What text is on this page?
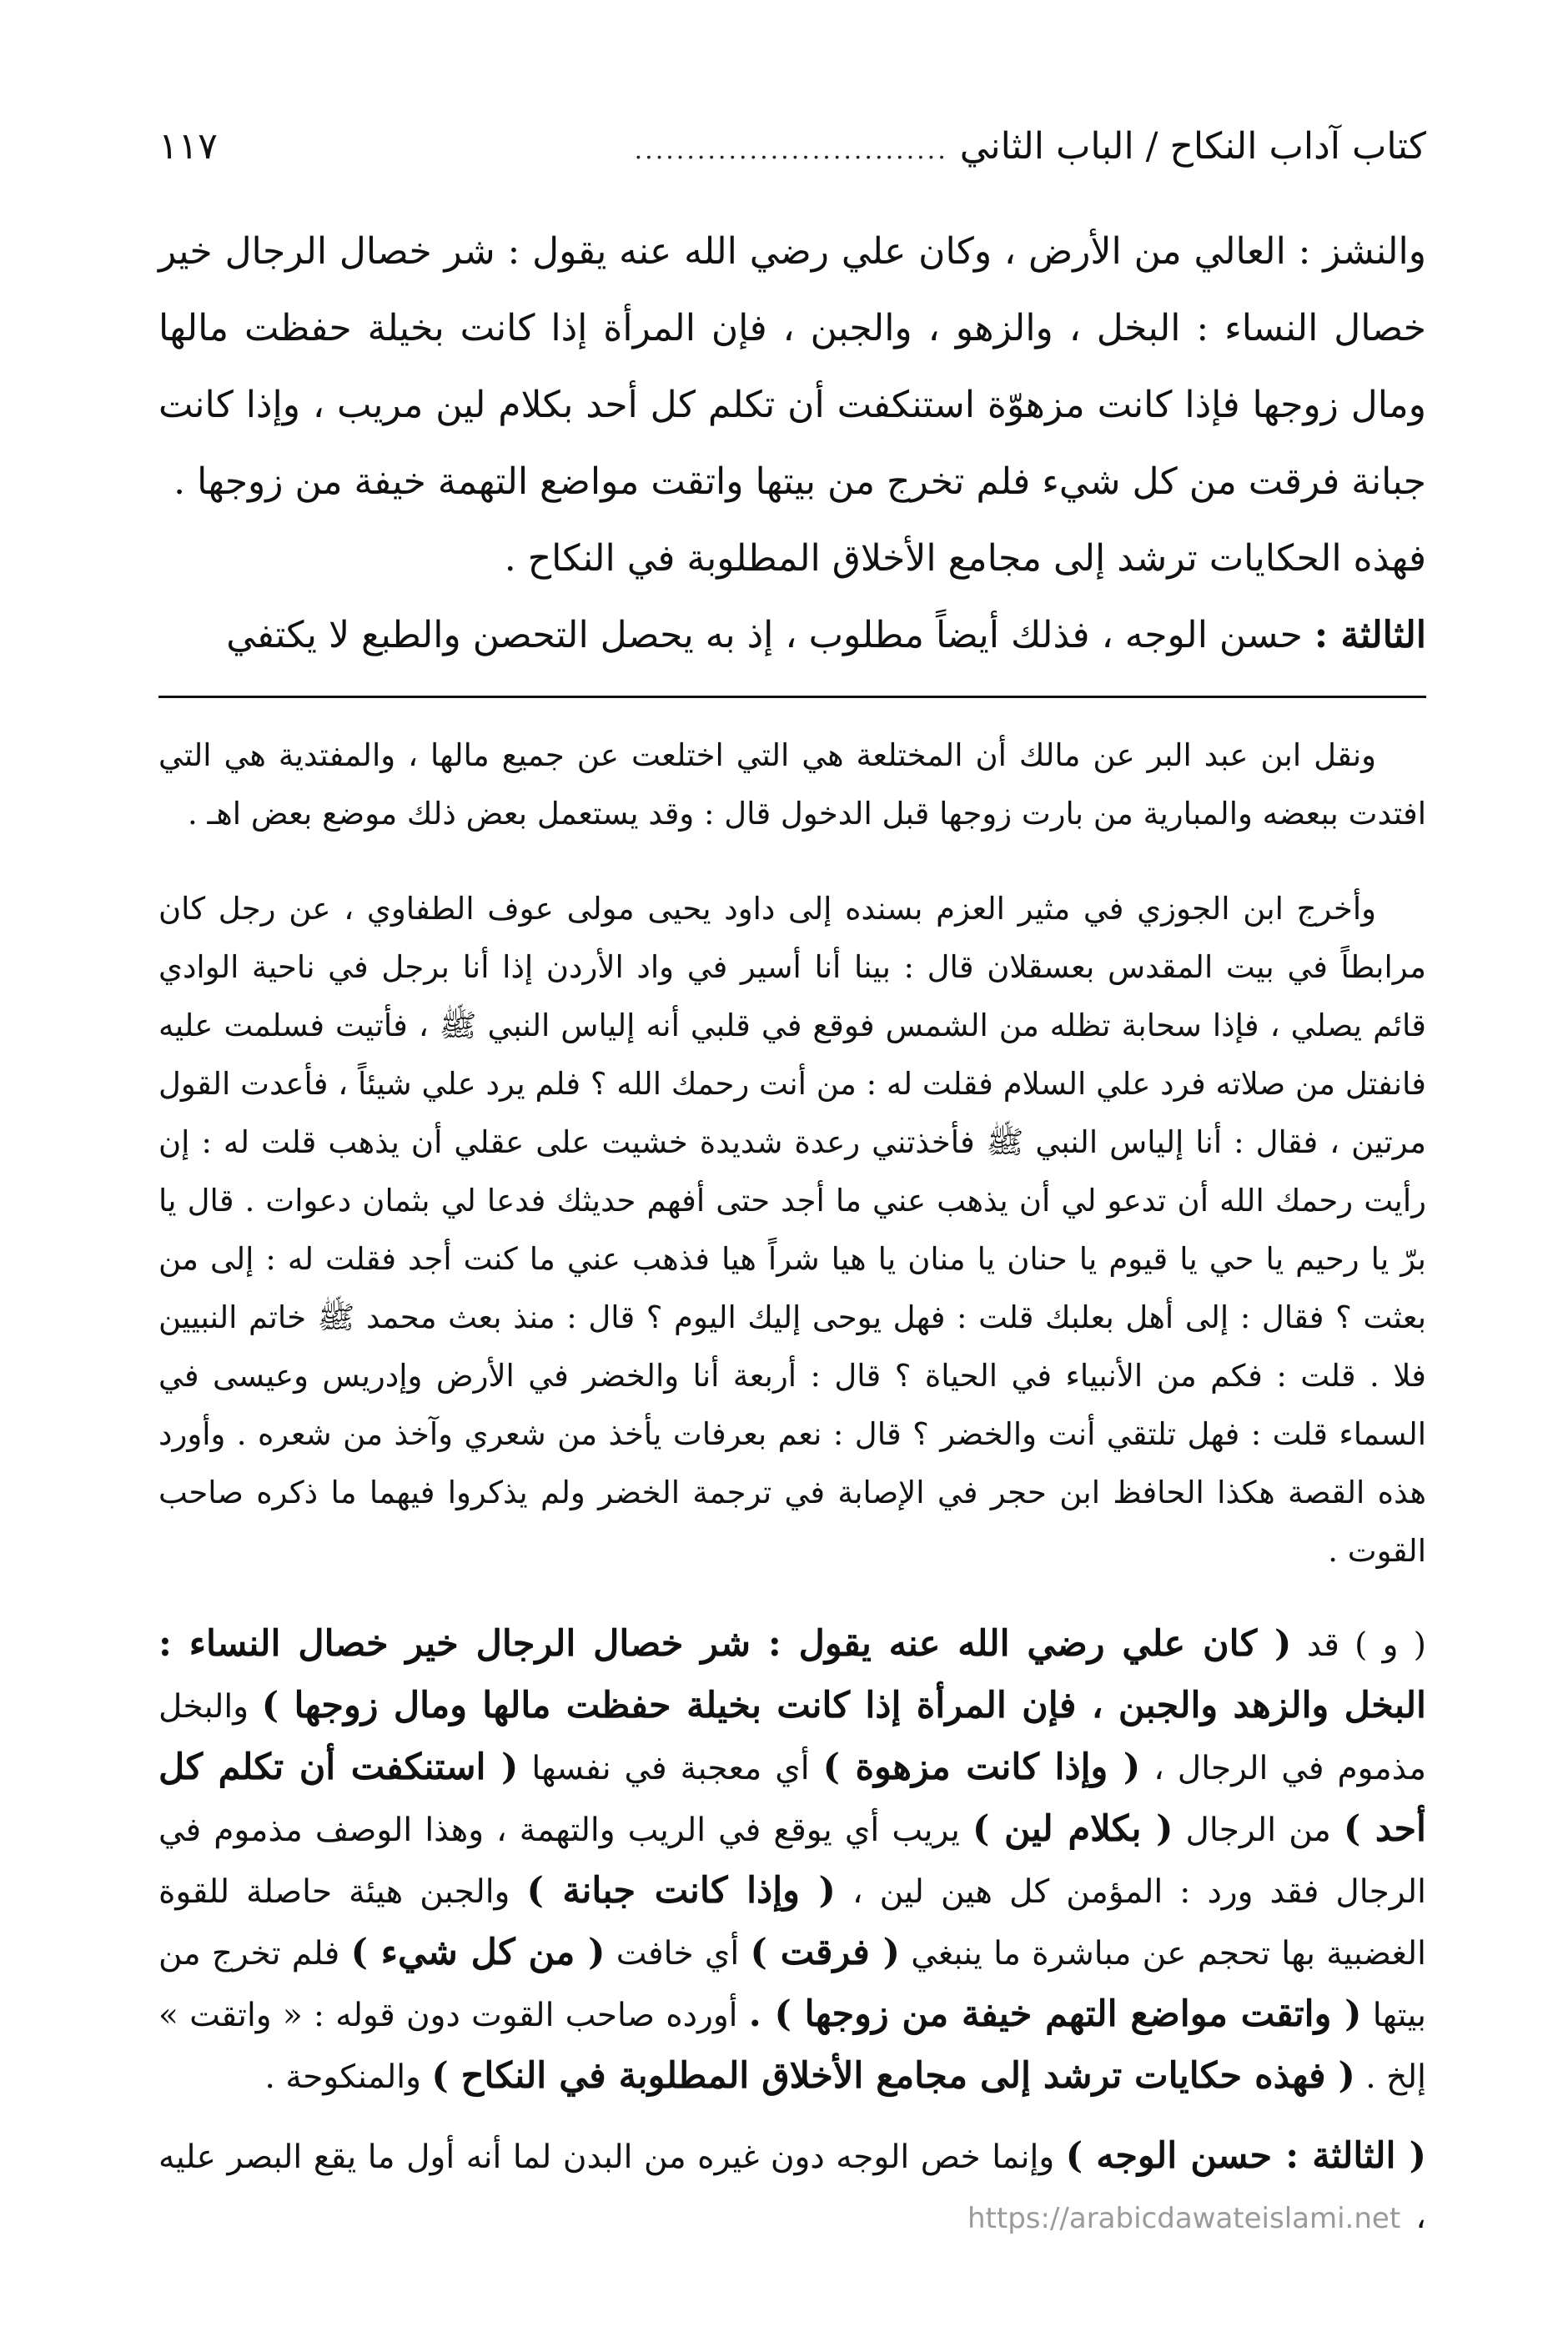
كتاب آداب النكاح / الباب الثاني
..............................
١١٧

والنشز : العالي من الأرض ، وكان علي رضي الله عنه يقول : شر خصال الرجال خير خصال النساء : البخل ، والزهو ، والجبن ، فإن المرأة إذا كانت بخيلة حفظت مالها ومال زوجها فإذا كانت مزهوّة استنكفت أن تكلم كل أحد بكلام لين مريب ، وإذا كانت جبانة فرقت من كل شيء فلم تخرج من بيتها واتقت مواضع التهمة خيفة من زوجها .

فهذه الحكايات ترشد إلى مجامع الأخلاق المطلوبة في النكاح .

الثالثة : حسن الوجه ، فذلك أيضاً مطلوب ، إذ به يحصل التحصن والطبع لا يكتفي

ونقل ابن عبد البر عن مالك أن المختلعة هي التي اختلعت عن جميع مالها ، والمفتدية هي التي افتدت ببعضه والمبارية من بارت زوجها قبل الدخول قال : وقد يستعمل بعض ذلك موضع بعض اهـ .

وأخرج ابن الجوزي في مثير العزم بسنده إلى داود يحيى مولى عوف الطفاوي ، عن رجل كان مرابطاً في بيت المقدس بعسقلان قال : بينا أنا أسير في واد الأردن إذا أنا برجل في ناحية الوادي قائم يصلي ، فإذا سحابة تظله من الشمس فوقع في قلبي أنه إلياس النبي ﷺ ، فأتيت فسلمت عليه فانفتل من صلاته فرد علي السلام فقلت له : من أنت رحمك الله ؟ فلم يرد علي شيئاً ، فأعدت القول مرتين ، فقال : أنا إلياس النبي ﷺ فأخذتني رعدة شديدة خشيت على عقلي أن يذهب قلت له : إن رأيت رحمك الله أن تدعو لي أن يذهب عني ما أجد حتى أفهم حديثك فدعا لي بثمان دعوات . قال يا برّ يا رحيم يا حي يا قيوم يا حنان يا منان يا هيا شراً هيا فذهب عني ما كنت أجد فقلت له : إلى من بعثت ؟ فقال : إلى أهل بعلبك قلت : فهل يوحى إليك اليوم ؟ قال : منذ بعث محمد ﷺ خاتم النبيين فلا . قلت : فكم من الأنبياء في الحياة ؟ قال : أربعة أنا والخضر في الأرض وإدريس وعيسى في السماء قلت : فهل تلتقي أنت والخضر ؟ قال : نعم بعرفات يأخذ من شعري وآخذ من شعره . وأورد هذه القصة هكذا الحافظ ابن حجر في الإصابة في ترجمة الخضر ولم يذكروا فيهما ما ذكره صاحب القوت .

( و ) قد ( كان علي رضي الله عنه يقول : شر خصال الرجال خير خصال النساء : البخل والزهد والجبن ، فإن المرأة إذا كانت بخيلة حفظت مالها ومال زوجها ) والبخل مذموم في الرجال ، ( وإذا كانت مزهوة ) أي معجبة في نفسها ( استنكفت أن تكلم كل أحد ) من الرجال ( بكلام لين ) يريب أي يوقع في الريب والتهمة ، وهذا الوصف مذموم في الرجال فقد ورد : المؤمن كل هين لين ، ( وإذا كانت جبانة ) والجبن هيئة حاصلة للقوة الغضبية بها تحجم عن مباشرة ما ينبغي ( فرقت ) أي خافت ( من كل شيء ) فلم تخرج من بيتها ( واتقت مواضع التهم خيفة من زوجها ) . أورده صاحب القوت دون قوله : « واتقت » إلخ . ( فهذه حكايات ترشد إلى مجامع الأخلاق المطلوبة في النكاح ) والمنكوحة .

( الثالثة : حسن الوجه ) وإنما خص الوجه دون غيره من البدن لما أنه أول ما يقع البصر عليه ،

https://arabicdawateislami.net
